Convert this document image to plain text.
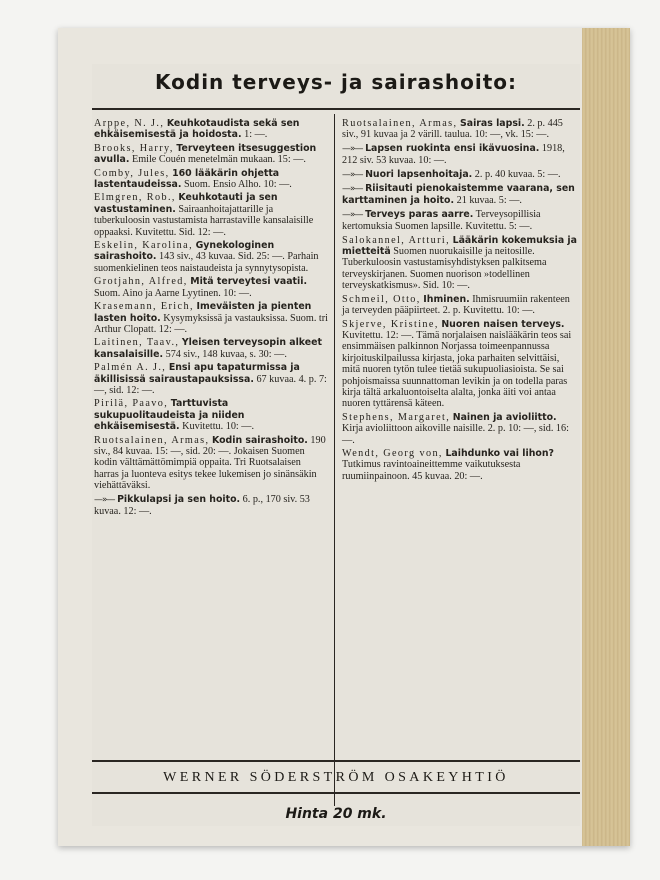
Kodin terveys- ja sairashoito:
Arppe, N. J., Keuhkotaudista sekä sen ehkäisemisestä ja hoidosta. 1: —.
Brooks, Harry, Terveyteen itsesuggestion avulla. Emile Couén menetelmän mukaan. 15: —.
Comby, Jules, 160 lääkärin ohjetta lastentaudeissa. Suom. Ensio Alho. 10: —.
Elmgren, Rob., Keuhkotauti ja sen vastustaminen. Sairaanhoitajattarille ja tuberkuloosin vastustamista harrastaville kansalaisille oppaaksi. Kuvitettu. Sid. 12: —.
Eskelin, Karolina, Gynekologinen sairashoito. 143 siv., 43 kuvaa. Sid. 25: —. Parhain suomenkielinen teos naistaudeista ja synnytysopista.
Grotjahn, Alfred, Mitä terveytesi vaatii. Suom. Aino ja Aarne Lyytinen. 10: —.
Krasemann, Erich, Imeväisten ja pienten lasten hoito. Kysymyksissä ja vastauksissa. Suom. tri Arthur Clopatt. 12: —.
Laitinen, Taav., Yleisen terveysopin alkeet kansalaisille. 574 siv., 148 kuvaa, s. 30: —.
Palmén A. J., Ensi apu tapaturmissa ja äkillisissä sairaustapauksissa. 67 kuvaa. 4. p. 7: —, sid. 12: —.
Pirilä, Paavo, Tarttuvista sukupuolitaudeista ja niiden ehkäisemisestä. Kuvitettu. 10: —.
Ruotsalainen, Armas, Kodin sairashoito. 190 siv., 84 kuvaa. 15: —, sid. 20: —. Jokaisen Suomen kodin välttämättömimpiä oppaita. Tri Ruotsalaisen harras ja luonteva esitys tekee lukemisen jo sinänsäkin viehättäväksi.
—»— Pikkulapsi ja sen hoito. 6. p., 170 siv. 53 kuvaa. 12: —.
Ruotsalainen, Armas, Sairas lapsi. 2. p. 445 siv., 91 kuvaa ja 2 värill. taulua. 10: —, vk. 15: —.
—»— Lapsen ruokinta ensi ikävuosina. 1918, 212 siv. 53 kuvaa. 10: —.
—»— Nuori lapsenhoitaja. 2. p. 40 kuvaa. 5: —.
—»— Riisitauti pienokaistemme vaarana, sen karttaminen ja hoito. 21 kuvaa. 5: —.
—»— Terveys paras aarre. Terveysopillisia kertomuksia Suomen lapsille. Kuvitettu. 5: —.
Salokannel, Artturi, Lääkärin kokemuksia ja mietteitä Suomen nuorukaisille ja neitosille. Tuberkuloosin vastustamisyhdistyksen palkitsema terveyskirjanen. Suomen nuorison »todellinen terveyskatkismus». Sid. 10: —.
Schmeil, Otto, Ihminen. Ihmisruumiin rakenteen ja terveyden pääpiirteet. 2. p. Kuvitettu. 10: —.
Skjerve, Kristine, Nuoren naisen terveys. Kuvitettu. 12: —. Tämä norjalaisen naislääkärin teos sai ensimmäisen palkinnon Norjassa toimeenpannussa kirjoituskilpailussa kirjasta, joka parhaiten selvittäisi, mitä nuoren tytön tulee tietää sukupuoliasioista. Se sai pohjoismaissa suunnattoman levikin ja on todella paras kirja tältä arkaluontoiselta alalta, jonka äiti voi antaa nuoren tyttärensä käteen.
Stephens, Margaret, Nainen ja avioliitto. Kirja avioliittoon aikoville naisille. 2. p. 10: —, sid. 16: —.
Wendt, Georg von, Laihdunko vai lihon? Tutkimus ravintoaineittemme vaikutuksesta ruumiinpainoon. 45 kuvaa. 20: —.
WERNER SÖDERSTRÖM OSAKEYHTIÖ
Hinta 20 mk.
